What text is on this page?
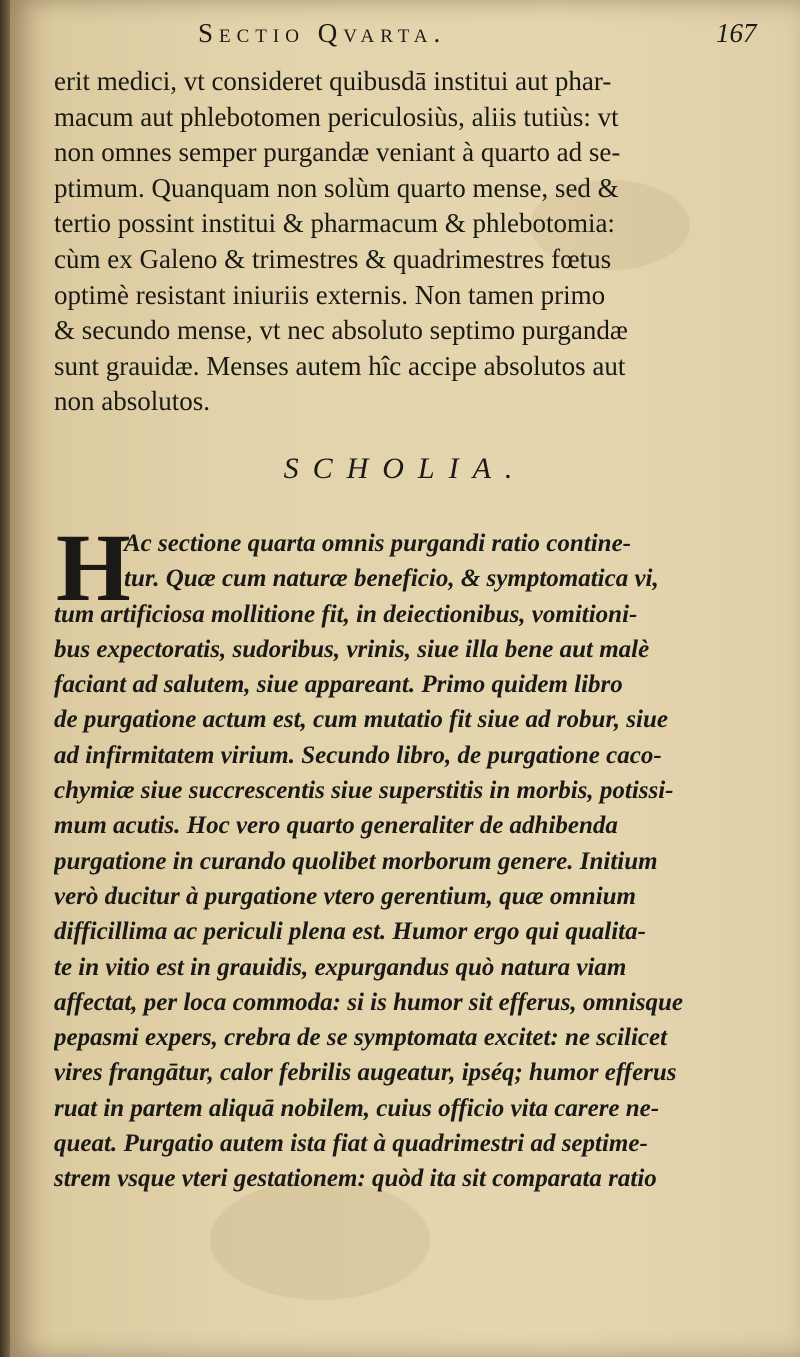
Sectio Qvarta.	167
erit medici, vt consideret quibusdā institui aut phar-
macum aut phlebotomen periculosiùs, aliis tutiùs: vt
non omnes semper purgandæ veniant à quarto ad se-
ptimum. Quanquam non solùm quarto mense, sed &
tertio possint institui & pharmacum & phlebotomia:
cùm ex Galeno & trimestres & quadrimestres fœtus
optimè resistant iniuriis externis. Non tamen primo
& secundo mense, vt nec absoluto septimo purgandæ
sunt grauidæ. Menses autem hîc accipe absolutos aut
non absolutos.
SCHOLIA.
H
Ac sectione quarta omnis purgandi ratio contine-
tur. Quæ cum naturæ beneficio, & symptomatica vi,
tum artificiosa mollitione fit, in deiectionibus, vomitioni-
bus expectoratis, sudoribus, vrinis, siue illa bene aut malè
faciant ad salutem, siue appareant. Primo quidem libro
de purgatione actum est, cum mutatio fit siue ad robur, siue
ad infirmitatem virium. Secundo libro, de purgatione caco-
chymiæ siue succrescentis siue superstitis in morbis, potissi-
mum acutis. Hoc vero quarto generaliter de adhibenda
purgatione in curando quolibet morborum genere. Initium
verò ducitur à purgatione vtero gerentium, quæ omnium
difficillima ac periculi plena est. Humor ergo qui qualita-
te in vitio est in grauidis, expurgandus quò natura viam
affectat, per loca commoda: si is humor sit efferus, omnisque
pepasmi expers, crebra de se symptomata excitet: ne scilicet
vires frangātur, calor febrilis augeatur, ipséq; humor efferus
ruat in partem aliquā nobilem, cuius officio vita carere ne-
queat. Purgatio autem ista fiat à quadrimestri ad septime-
strem vsque vteri gestationem: quòd ita sit comparata ratio
